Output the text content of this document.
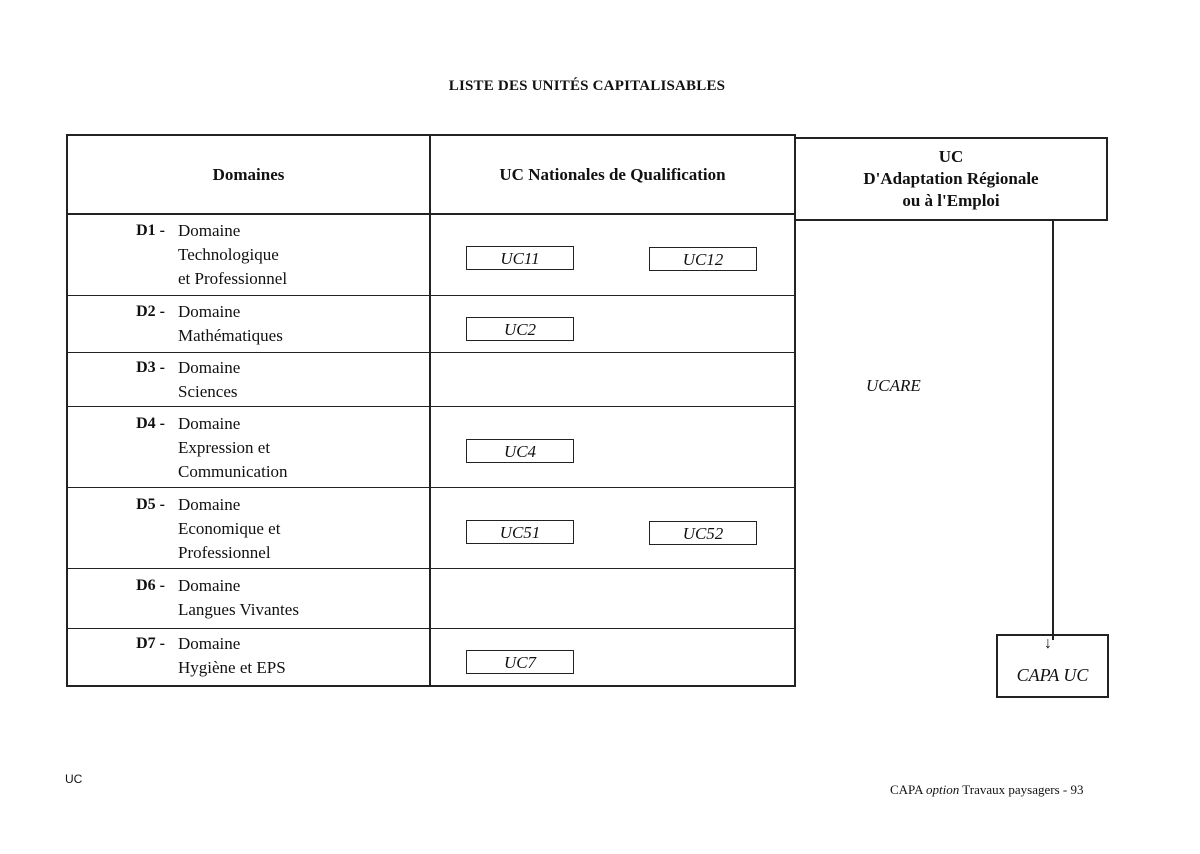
LISTE DES UNITÉS CAPITALISABLES
Domaines	UC Nationales de Qualification
UC
D'Adaptation Régionale
ou à l'Emploi
D1 - Domaine
Technologique
et Professionnel
UC11	UC12
D2 - Domaine
Mathématiques	UC2
D3 - Domaine
Sciences
D4 - Domaine
Expression et
Communication
UC4
D5 - Domaine
Economique et
Professionnel
UC51	UC52
D6 - Domaine
Langues Vivantes
D7 - Domaine
Hygiène et EPS	UC7
UCARE
CAPA UC
↓
UC
CAPA option Travaux paysagers - 93
